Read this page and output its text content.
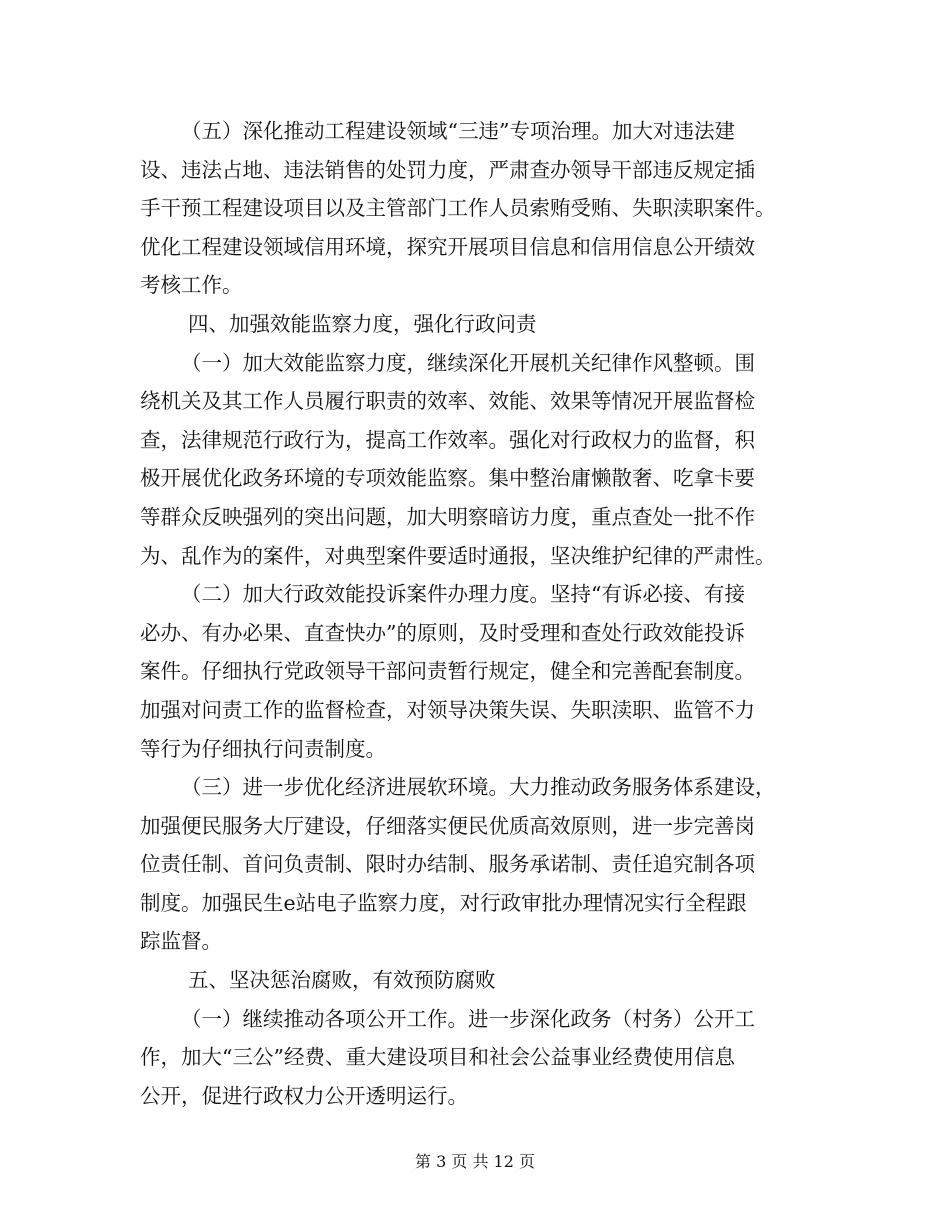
（五）深化推动工程建设领域“三违”专项治理。加大对违法建
设、违法占地、违法销售的处罚力度，严肃查办领导干部违反规定插
手干预工程建设项目以及主管部门工作人员索贿受贿、失职渎职案件。
优化工程建设领域信用环境，探究开展项目信息和信用信息公开绩效
考核工作。
四、加强效能监察力度，强化行政问责
（一）加大效能监察力度，继续深化开展机关纪律作风整顿。围
绕机关及其工作人员履行职责的效率、效能、效果等情况开展监督检
查，法律规范行政行为，提高工作效率。强化对行政权力的监督，积
极开展优化政务环境的专项效能监察。集中整治庸懒散奢、吃拿卡要
等群众反映强列的突出问题，加大明察暗访力度，重点查处一批不作
为、乱作为的案件，对典型案件要适时通报，坚决维护纪律的严肃性。
（二）加大行政效能投诉案件办理力度。坚持“有诉必接、有接
必办、有办必果、直查快办”的原则，及时受理和查处行政效能投诉
案件。仔细执行党政领导干部问责暂行规定，健全和完善配套制度。
加强对问责工作的监督检查，对领导决策失误、失职渎职、监管不力
等行为仔细执行问责制度。
（三）进一步优化经济进展软环境。大力推动政务服务体系建设，
加强便民服务大厅建设，仔细落实便民优质高效原则，进一步完善岗
位责任制、首问负责制、限时办结制、服务承诺制、责任追究制各项
制度。加强民生e站电子监察力度，对行政审批办理情况实行全程跟
踪监督。
五、坚决惩治腐败，有效预防腐败
（一）继续推动各项公开工作。进一步深化政务（村务）公开工
作，加大“三公”经费、重大建设项目和社会公益事业经费使用信息
公开，促进行政权力公开透明运行。
第 3 页 共 12 页
